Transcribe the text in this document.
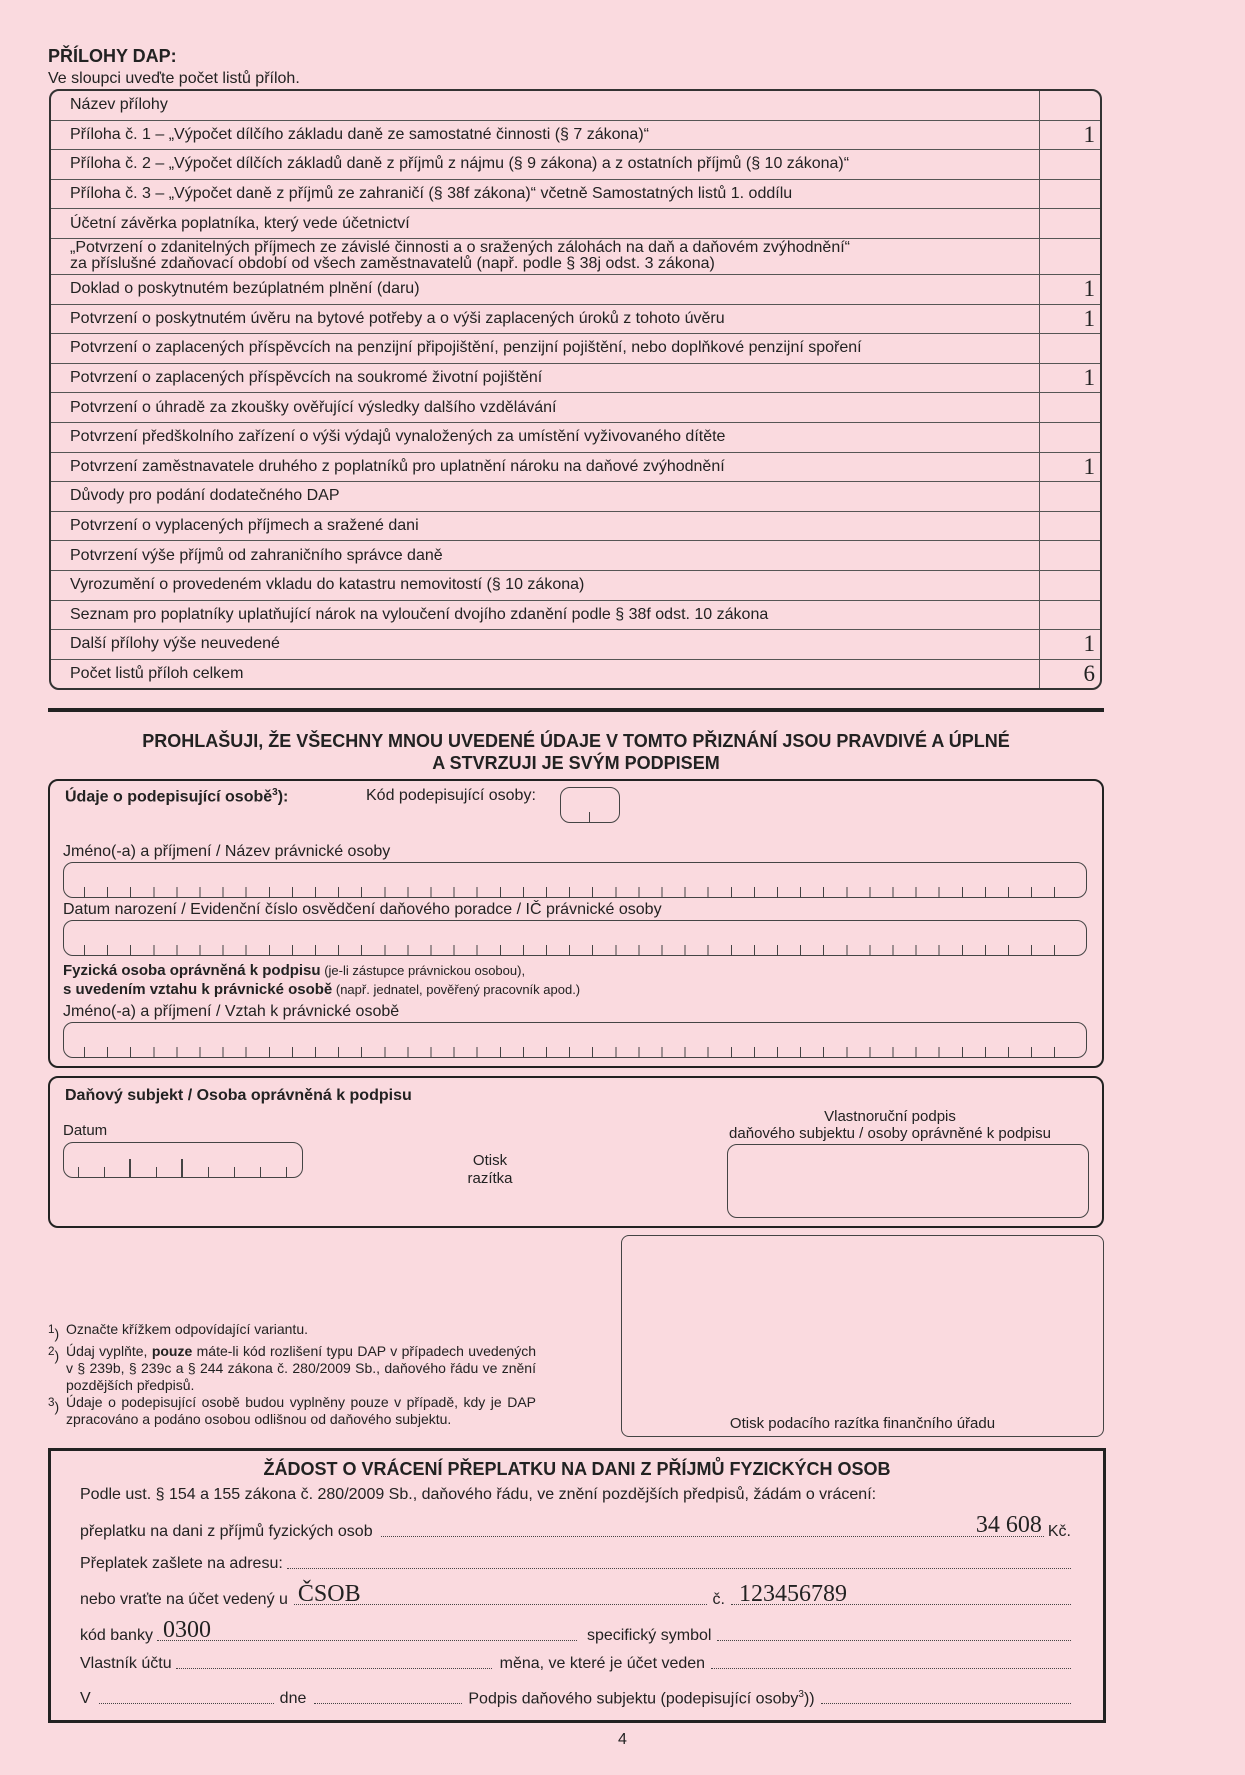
PŘÍLOHY DAP:
Ve sloupci uveďte počet listů příloh.
Název přílohy	
Příloha č. 1 – „Výpočet dílčího základu daně ze samostatné činnosti (§ 7 zákona)“	1
Příloha č. 2 – „Výpočet dílčích základů daně z příjmů z nájmu (§ 9 zákona) a z ostatních příjmů (§ 10 zákona)“	
Příloha č. 3 – „Výpočet daně z příjmů ze zahraničí (§ 38f zákona)“ včetně Samostatných listů 1. oddílu	
Účetní závěrka poplatníka, který vede účetnictví	
„Potvrzení o zdanitelných příjmech ze závislé činnosti a o sražených zálohách na daň a daňovém zvýhodnění“ za příslušné zdaňovací období od všech zaměstnavatelů (např. podle § 38j odst. 3 zákona)	
Doklad o poskytnutém bezúplatném plnění (daru)	1
Potvrzení o poskytnutém úvěru na bytové potřeby a o výši zaplacených úroků z tohoto úvěru	1
Potvrzení o zaplacených příspěvcích na penzijní připojištění, penzijní pojištění, nebo doplňkové penzijní spoření	
Potvrzení o zaplacených příspěvcích na soukromé životní pojištění	1
Potvrzení o úhradě za zkoušky ověřující výsledky dalšího vzdělávání	
Potvrzení předškolního zařízení o výši výdajů vynaložených za umístění vyživovaného dítěte	
Potvrzení zaměstnavatele druhého z poplatníků pro uplatnění nároku na daňové zvýhodnění	1
Důvody pro podání dodatečného DAP	
Potvrzení o vyplacených příjmech a sražené dani	
Potvrzení výše příjmů od zahraničního správce daně	
Vyrozumění o provedeném vkladu do katastru nemovitostí (§ 10 zákona)	
Seznam pro poplatníky uplatňující nárok na vyloučení dvojího zdanění podle § 38f odst. 10 zákona	
Další přílohy výše neuvedené	1
Počet listů příloh celkem	6
PROHLAŠUJI, ŽE VŠECHNY MNOU UVEDENÉ ÚDAJE V TOMTO PŘIZNÁNÍ JSOU PRAVDIVÉ A ÚPLNÉ
A STVRZUJI JE SVÝM PODPISEM
Údaje o podepisující osobě$^3$):	Kód podepisující osoby:
Jméno(-a) a příjmení / Název právnické osoby
Datum narození / Evidenční číslo osvědčení daňového poradce / IČ právnické osoby
Fyzická osoba oprávněná k podpisu (je-li zástupce právnickou osobou),
s uvedením vztahu k právnické osobě (např. jednatel, pověřený pracovník apod.)
Jméno(-a) a příjmení / Vztah k právnické osobě
Daňový subjekt / Osoba oprávněná k podpisu
Datum
Otisk
razítka
Vlastnoruční podpis
daňového subjektu / osoby oprávněné k podpisu
$^1$) Označte křížkem odpovídající variantu.
$^2$) Údaj vyplňte, pouze máte-li kód rozlišení typu DAP v případech uvedených v § 239b, § 239c a § 244 zákona č. 280/2009 Sb., daňového řádu ve znění pozdějších předpisů.
$^3$) Údaje o podepisující osobě budou vyplněny pouze v případě, kdy je DAP zpracováno a podáno osobou odlišnou od daňového subjektu.	Otisk podacího razítka finančního úřadu
ŽÁDOST O VRÁCENÍ PŘEPLATKU NA DANI Z PŘÍJMŮ FYZICKÝCH OSOB
Podle ust. § 154 a 155 zákona č. 280/2009 Sb., daňového řádu, ve znění pozdějších předpisů, žádám o vrácení:
přeplatku na dani z příjmů fyzických osob	34 608 Kč.
Přeplatek zašlete na adresu:
nebo vraťte na účet vedený u ČSOB	č. 123456789
kód banky 0300	specifický symbol
Vlastník účtu	měna, ve které je účet veden
V	dne	Podpis daňového subjektu (podepisující osoby$^3$))
4
